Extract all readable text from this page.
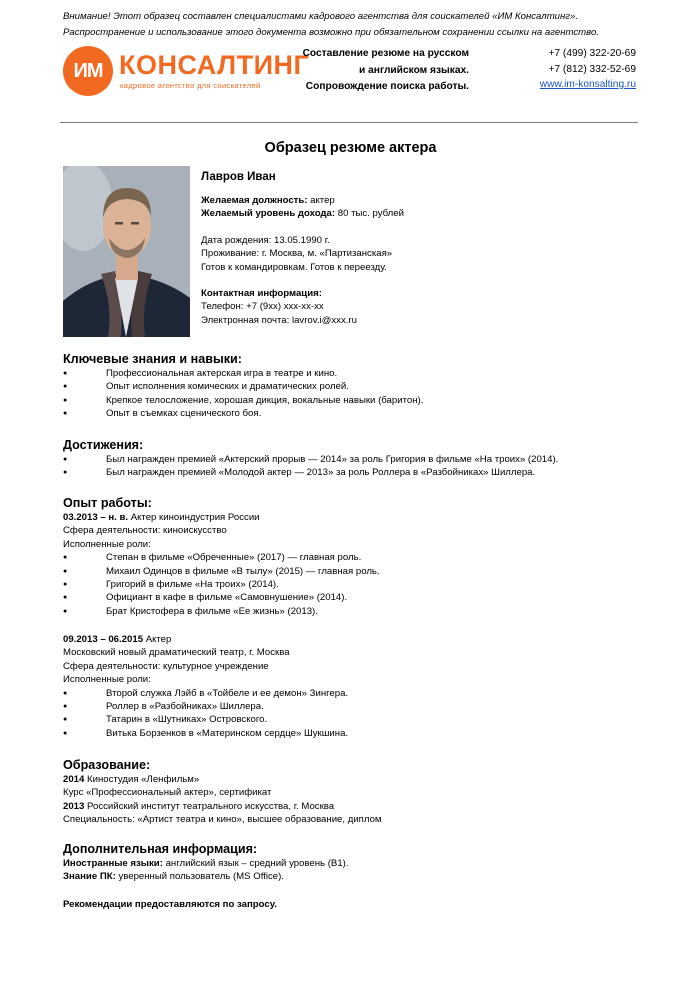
Внимание! Этот образец составлен специалистами кадрового агентства для соискателей «ИМ Консалтинг».
Распространение и использование этого документа возможно при обязательном сохранении ссылки на агентство.
ИМ КОНСАЛТИНГ
кадровое агентство для соискателей
Составление резюме на русском
и английском языках.
Сопровождение поиска работы.
+7 (499) 322-20-69
+7 (812) 332-52-69
www.im-konsalting.ru
Образец резюме актера
Лавров Иван
Желаемая должность: актер
Желаемый уровень дохода: 80 тыс. рублей
Дата рождения: 13.05.1990 г.
Проживание: г. Москва, м. «Партизанская»
Готов к командировкам. Готов к переезду.
Контактная информация:
Телефон: +7 (9хх) ххх-хх-хх
Электронная почта: lavrov.i@xxx.ru
Ключевые знания и навыки:
● Профессиональная актерская игра в театре и кино.
● Опыт исполнения комических и драматических ролей.
● Крепкое телосложение, хорошая дикция, вокальные навыки (баритон).
● Опыт в съемках сценического боя.
Достижения:
● Был награжден премией «Актерский прорыв — 2014» за роль Григория в фильме «На троих» (2014).
● Был награжден премией «Молодой актер — 2013» за роль Роллера в «Разбойниках» Шиллера.
Опыт работы:
03.2013 – н. в. Актер киноиндустрия России
Сфера деятельности: киноискусство
Исполненные роли:
● Степан в фильме «Обреченные» (2017) — главная роль.
● Михаил Одинцов в фильме «В тылу» (2015) — главная роль.
● Григорий в фильме «На троих» (2014).
● Официант в кафе в фильме «Самовнушение» (2014).
● Брат Кристофера в фильме «Ее жизнь» (2013).
09.2013 – 06.2015 Актер
Московский новый драматический театр, г. Москва
Сфера деятельности: культурное учреждение
Исполненные роли:
● Второй служка Лэйб в «Тойбеле и ее демон» Зингера.
● Роллер в «Разбойниках» Шиллера.
● Татарин в «Шутниках» Островского.
● Витька Борзенков в «Материнском сердце» Шукшина.
Образование:
2014 Киностудия «Ленфильм»
Курс «Профессиональный актер», сертификат
2013 Российский институт театрального искусства, г. Москва
Специальность: «Артист театра и кино», высшее образование, диплом
Дополнительная информация:
Иностранные языки: английский язык – средний уровень (B1).
Знание ПК: уверенный пользователь (MS Office).
Рекомендации предоставляются по запросу.
